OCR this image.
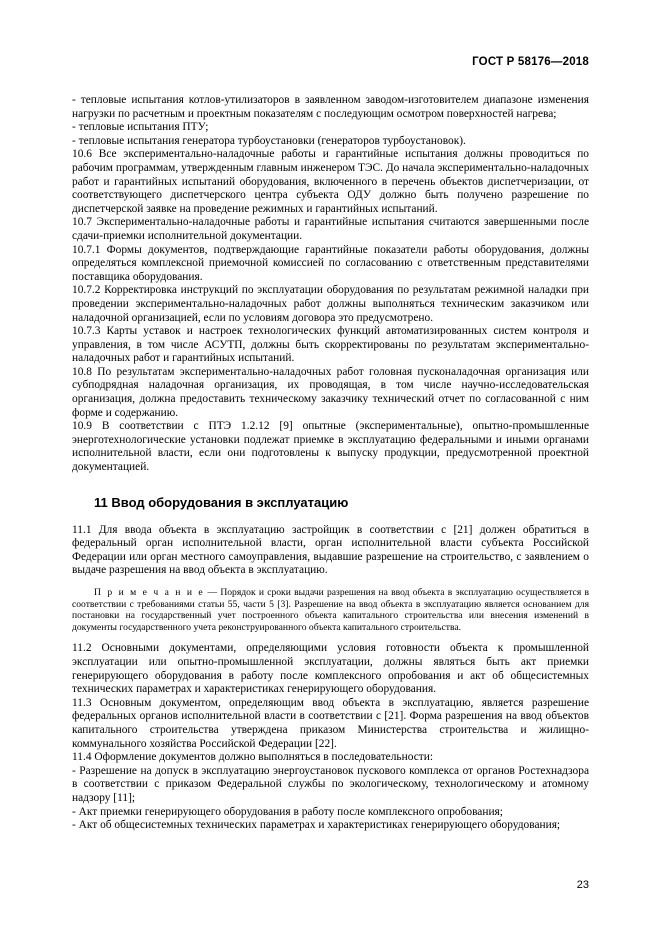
ГОСТ Р 58176—2018

- тепловые испытания котлов-утилизаторов в заявленном заводом-изготовителем диапазоне изменения нагрузки по расчетным и проектным показателям с последующим осмотром поверхностей нагрева;

- тепловые испытания ПТУ;

- тепловые испытания генератора турбоустановки (генераторов турбоустановок).

10.6 Все экспериментально-наладочные работы и гарантийные испытания должны проводиться по рабочим программам, утвержденным главным инженером ТЭС. До начала экспериментально-наладочных работ и гарантийных испытаний оборудования, включенного в перечень объектов диспетчеризации, от соответствующего диспетчерского центра субъекта ОДУ должно быть получено разрешение по диспетчерской заявке на проведение режимных и гарантийных испытаний.

10.7 Экспериментально-наладочные работы и гарантийные испытания считаются завершенными после сдачи-приемки исполнительной документации.

10.7.1 Формы документов, подтверждающие гарантийные показатели работы оборудования, должны определяться комплексной приемочной комиссией по согласованию с ответственным представителями поставщика оборудования.

10.7.2 Корректировка инструкций по эксплуатации оборудования по результатам режимной наладки при проведении экспериментально-наладочных работ должны выполняться техническим заказчиком или наладочной организацией, если по условиям договора это предусмотрено.

10.7.3 Карты уставок и настроек технологических функций автоматизированных систем контроля и управления, в том числе АСУТП, должны быть скорректированы по результатам экспериментально-наладочных работ и гарантийных испытаний.

10.8 По результатам экспериментально-наладочных работ головная пусконаладочная организация или субподрядная наладочная организация, их проводящая, в том числе научно-исследовательская организация, должна предоставить техническому заказчику технический отчет по согласованной с ним форме и содержанию.

10.9 В соответствии с ПТЭ 1.2.12 [9] опытные (экспериментальные), опытно-промышленные энерготехнологические установки подлежат приемке в эксплуатацию федеральными и иными органами исполнительной власти, если они подготовлены к выпуску продукции, предусмотренной проектной документацией.

11 Ввод оборудования в эксплуатацию

11.1 Для ввода объекта в эксплуатацию застройщик в соответствии с [21] должен обратиться в федеральный орган исполнительной власти, орган исполнительной власти субъекта Российской Федерации или орган местного самоуправления, выдавшие разрешение на строительство, с заявлением о выдаче разрешения на ввод объекта в эксплуатацию.

П р и м е ч а н и е — Порядок и сроки выдачи разрешения на ввод объекта в эксплуатацию осуществляется в соответствии с требованиями статьи 55, части 5 [3]. Разрешение на ввод объекта в эксплуатацию является основанием для постановки на государственный учет построенного объекта капитального строительства или внесения изменений в документы государственного учета реконструированного объекта капитального строительства.

11.2 Основными документами, определяющими условия готовности объекта к промышленной эксплуатации или опытно-промышленной эксплуатации, должны являться быть акт приемки генерирующего оборудования в работу после комплексного опробования и акт об общесистемных технических параметрах и характеристиках генерирующего оборудования.

11.3 Основным документом, определяющим ввод объекта в эксплуатацию, является разрешение федеральных органов исполнительной власти в соответствии с [21]. Форма разрешения на ввод объектов капитального строительства утверждена приказом Министерства строительства и жилищно-коммунального хозяйства Российской Федерации [22].

11.4 Оформление документов должно выполняться в последовательности:

- Разрешение на допуск в эксплуатацию энергоустановок пускового комплекса от органов Ростехнадзора в соответствии с приказом Федеральной службы по экологическому, технологическому и атомному надзору [11];

- Акт приемки генерирующего оборудования в работу после комплексного опробования;

- Акт об общесистемных технических параметрах и характеристиках генерирующего оборудования;

23
